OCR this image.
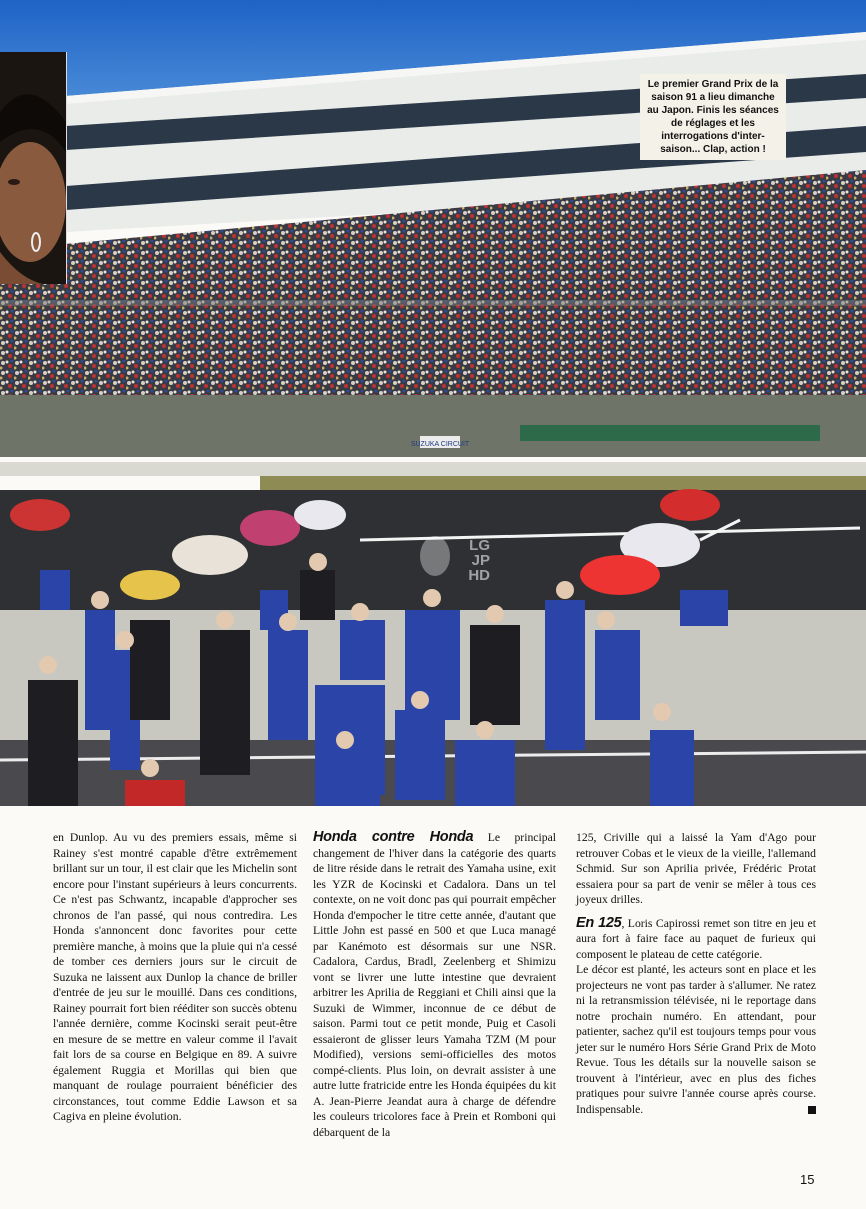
SUZUKA CIRCUIT
Le premier Grand Prix de la saison 91 a lieu dimanche au Japon. Finis les séances de réglages et les interrogations d'inter-saison... Clap, action !
LG JP HD

en Dunlop. Au vu des premiers essais, même si Rainey s'est montré capable d'être extrêmement brillant sur un tour, il est clair que les Michelin sont encore pour l'instant supérieurs à leurs concurrents. Ce n'est pas Schwantz, incapable d'approcher ses chronos de l'an passé, qui nous contredira. Les Honda s'annoncent donc favorites pour cette première manche, à moins que la pluie qui n'a cessé de tomber ces derniers jours sur le circuit de Suzuka ne laissent aux Dunlop la chance de briller d'entrée de jeu sur le mouillé. Dans ces conditions, Rainey pourrait fort bien rééditer son succès obtenu l'année dernière, comme Kocinski serait peut-être en mesure de se mettre en valeur comme il l'avait fait lors de sa course en Belgique en 89. A suivre également Ruggia et Morillas qui bien que manquant de roulage pourraient bénéficier des circonstances, tout comme Eddie Lawson et sa Cagiva en pleine évolution.

Honda contre Honda Le principal changement de l'hiver dans la catégorie des quarts de litre réside dans le retrait des Yamaha usine, exit les YZR de Kocinski et Cadalora. Dans un tel contexte, on ne voit donc pas qui pourrait empêcher Honda d'empocher le titre cette année, d'autant que Little John est passé en 500 et que Luca managé par Kanémoto est désormais sur une NSR. Cadalora, Cardus, Bradl, Zeelenberg et Shimizu vont se livrer une lutte intestine que devraient arbitrer les Aprilia de Reggiani et Chili ainsi que la Suzuki de Wimmer, inconnue de ce début de saison. Parmi tout ce petit monde, Puig et Casoli essaieront de glisser leurs Yamaha TZM (M pour Modified), versions semi-officielles des motos compé-clients. Plus loin, on devrait assister à une autre lutte fratricide entre les Honda équipées du kit A. Jean-Pierre Jeandat aura à charge de défendre les couleurs tricolores face à Prein et Romboni qui débarquent de la

125, Criville qui a laissé la Yam d'Ago pour retrouver Cobas et le vieux de la vieille, l'allemand Schmid. Sur son Aprilia privée, Frédéric Protat essaiera pour sa part de venir se mêler à tous ces joyeux drilles.

En 125, Loris Capirossi remet son titre en jeu et aura fort à faire face au paquet de furieux qui composent le plateau de cette catégorie.

Le décor est planté, les acteurs sont en place et les projecteurs ne vont pas tarder à s'allumer. Ne ratez ni la retransmission télévisée, ni le reportage dans notre prochain numéro. En attendant, pour patienter, sachez qu'il est toujours temps pour vous jeter sur le numéro Hors Série Grand Prix de Moto Revue. Tous les détails sur la nouvelle saison se trouvent à l'intérieur, avec en plus des fiches pratiques pour suivre l'année course après course. Indispensable.

15
